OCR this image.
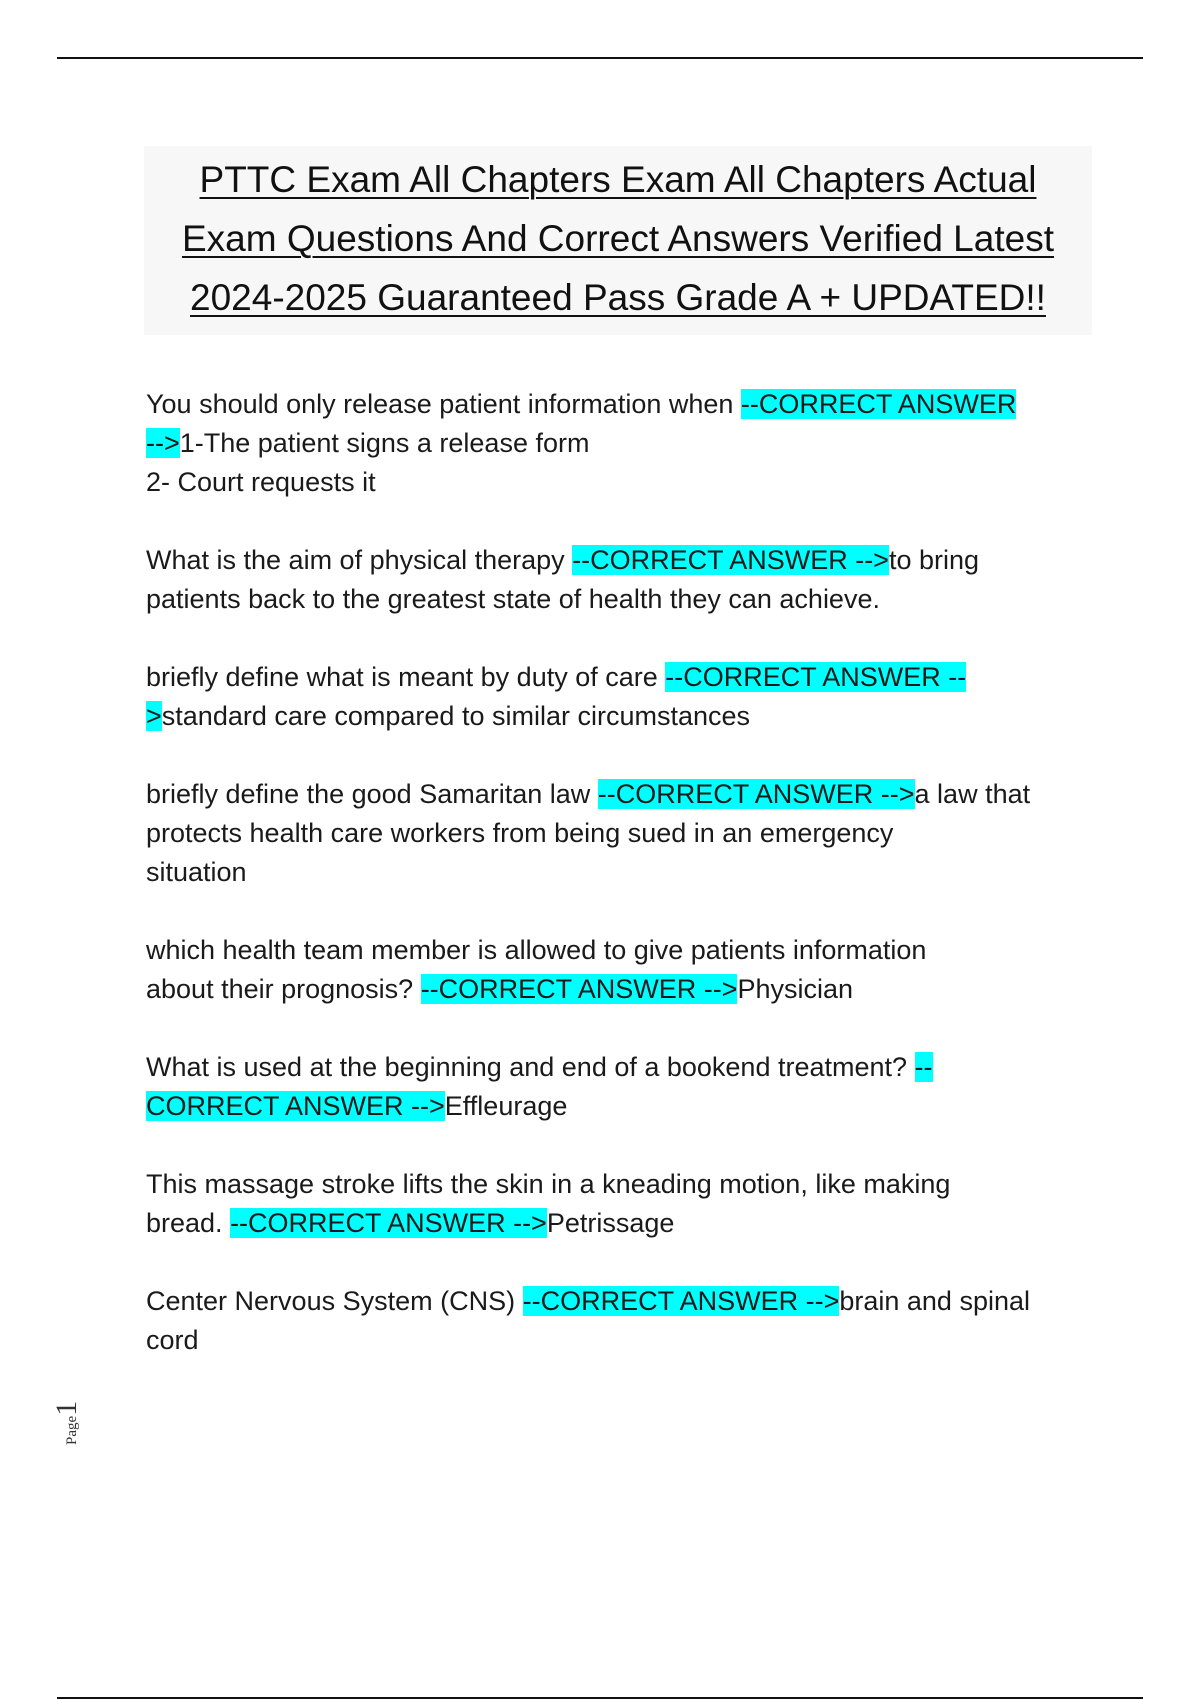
PTTC Exam All Chapters Exam All Chapters Actual
Exam Questions And Correct Answers Verified Latest
2024-2025 Guaranteed Pass Grade A + UPDATED!!
You should only release patient information when --CORRECT ANSWER
-->1-The patient signs a release form
2- Court requests it
What is the aim of physical therapy --CORRECT ANSWER -->to bring
patients back to the greatest state of health they can achieve.
briefly define what is meant by duty of care --CORRECT ANSWER --
>standard care compared to similar circumstances
briefly define the good Samaritan law --CORRECT ANSWER -->a law that
protects health care workers from being sued in an emergency
situation
which health team member is allowed to give patients information
about their prognosis? --CORRECT ANSWER -->Physician
What is used at the beginning and end of a bookend treatment? --
CORRECT ANSWER -->Effleurage
This massage stroke lifts the skin in a kneading motion, like making
bread. --CORRECT ANSWER -->Petrissage
Center Nervous System (CNS) --CORRECT ANSWER -->brain and spinal
cord
Page1
